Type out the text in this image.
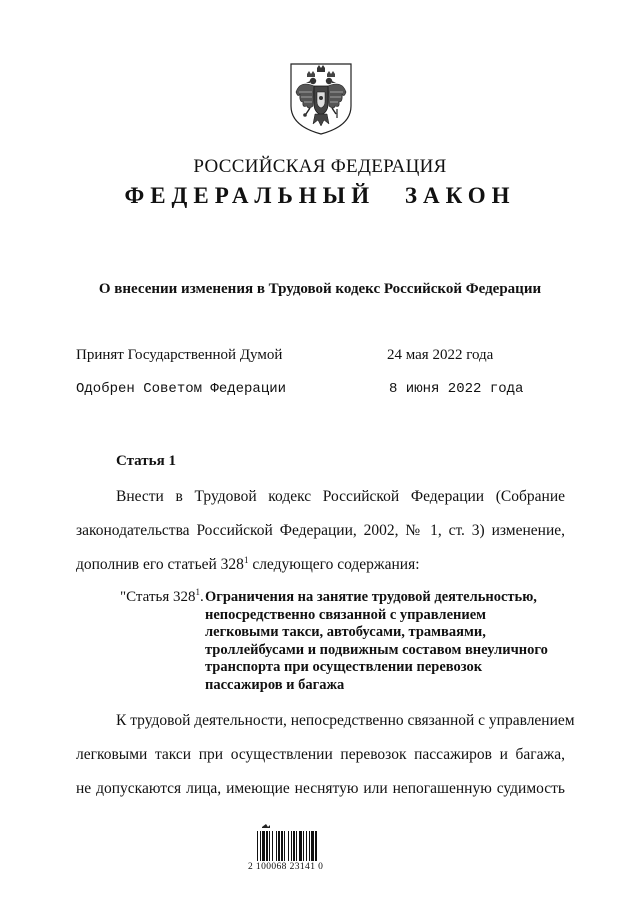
РОССИЙСКАЯ ФЕДЕРАЦИЯ
ФЕДЕРАЛЬНЫЙ ЗАКОН
О внесении изменения в Трудовой кодекс Российской Федерации
Принят Государственной Думой	24 мая 2022 года
Одобрен Советом Федерации	8 июня 2022 года
Статья 1
Внести в Трудовой кодекс Российской Федерации (Собрание
законодательства Российской Федерации, 2002, № 1, ст. 3) изменение,
дополнив его статьей $328^1$ следующего содержания:
"Статья $328^1$. Ограничения на занятие трудовой деятельностью,
непосредственно связанной с управлением
легковыми такси, автобусами, трамваями,
троллейбусами и подвижным составом внеуличного
транспорта при осуществлении перевозок
пассажиров и багажа
К трудовой деятельности, непосредственно связанной с управлением
легковыми такси при осуществлении перевозок пассажиров и багажа,
не допускаются лица, имеющие неснятую или непогашенную судимость
2 100068 23141 0
